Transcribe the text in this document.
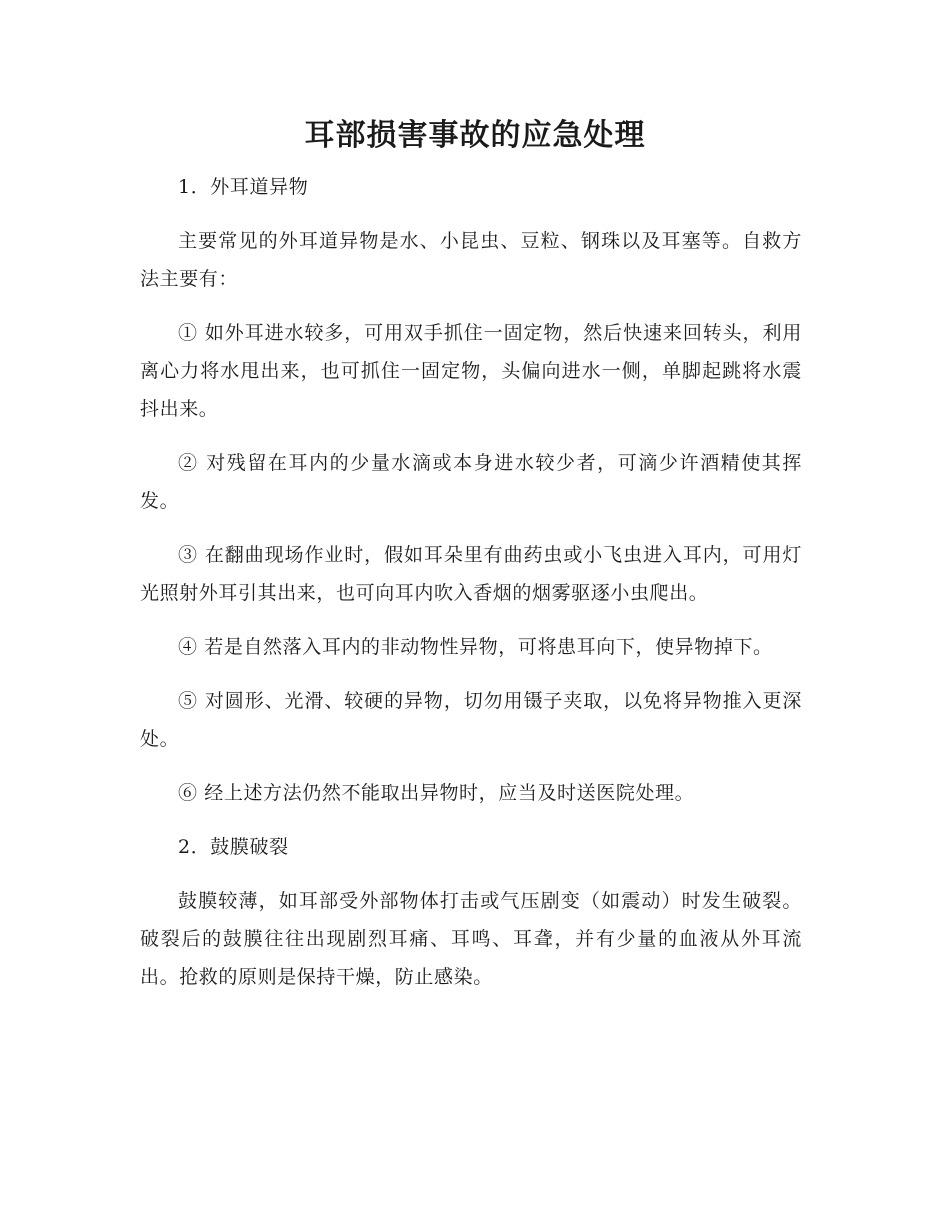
耳部损害事故的应急处理

1．外耳道异物

主要常见的外耳道异物是水、小昆虫、豆粒、钢珠以及耳塞等。自救方法主要有：

① 如外耳进水较多，可用双手抓住一固定物，然后快速来回转头，利用离心力将水甩出来，也可抓住一固定物，头偏向进水一侧，单脚起跳将水震抖出来。

② 对残留在耳内的少量水滴或本身进水较少者，可滴少许酒精使其挥发。

③ 在翻曲现场作业时，假如耳朵里有曲药虫或小飞虫进入耳内，可用灯光照射外耳引其出来，也可向耳内吹入香烟的烟雾驱逐小虫爬出。

④ 若是自然落入耳内的非动物性异物，可将患耳向下，使异物掉下。

⑤ 对圆形、光滑、较硬的异物，切勿用镊子夹取，以免将异物推入更深处。

⑥ 经上述方法仍然不能取出异物时，应当及时送医院处理。

2．鼓膜破裂

鼓膜较薄，如耳部受外部物体打击或气压剧变（如震动）时发生破裂。破裂后的鼓膜往往出现剧烈耳痛、耳鸣、耳聋，并有少量的血液从外耳流出。抢救的原则是保持干燥，防止感染。
